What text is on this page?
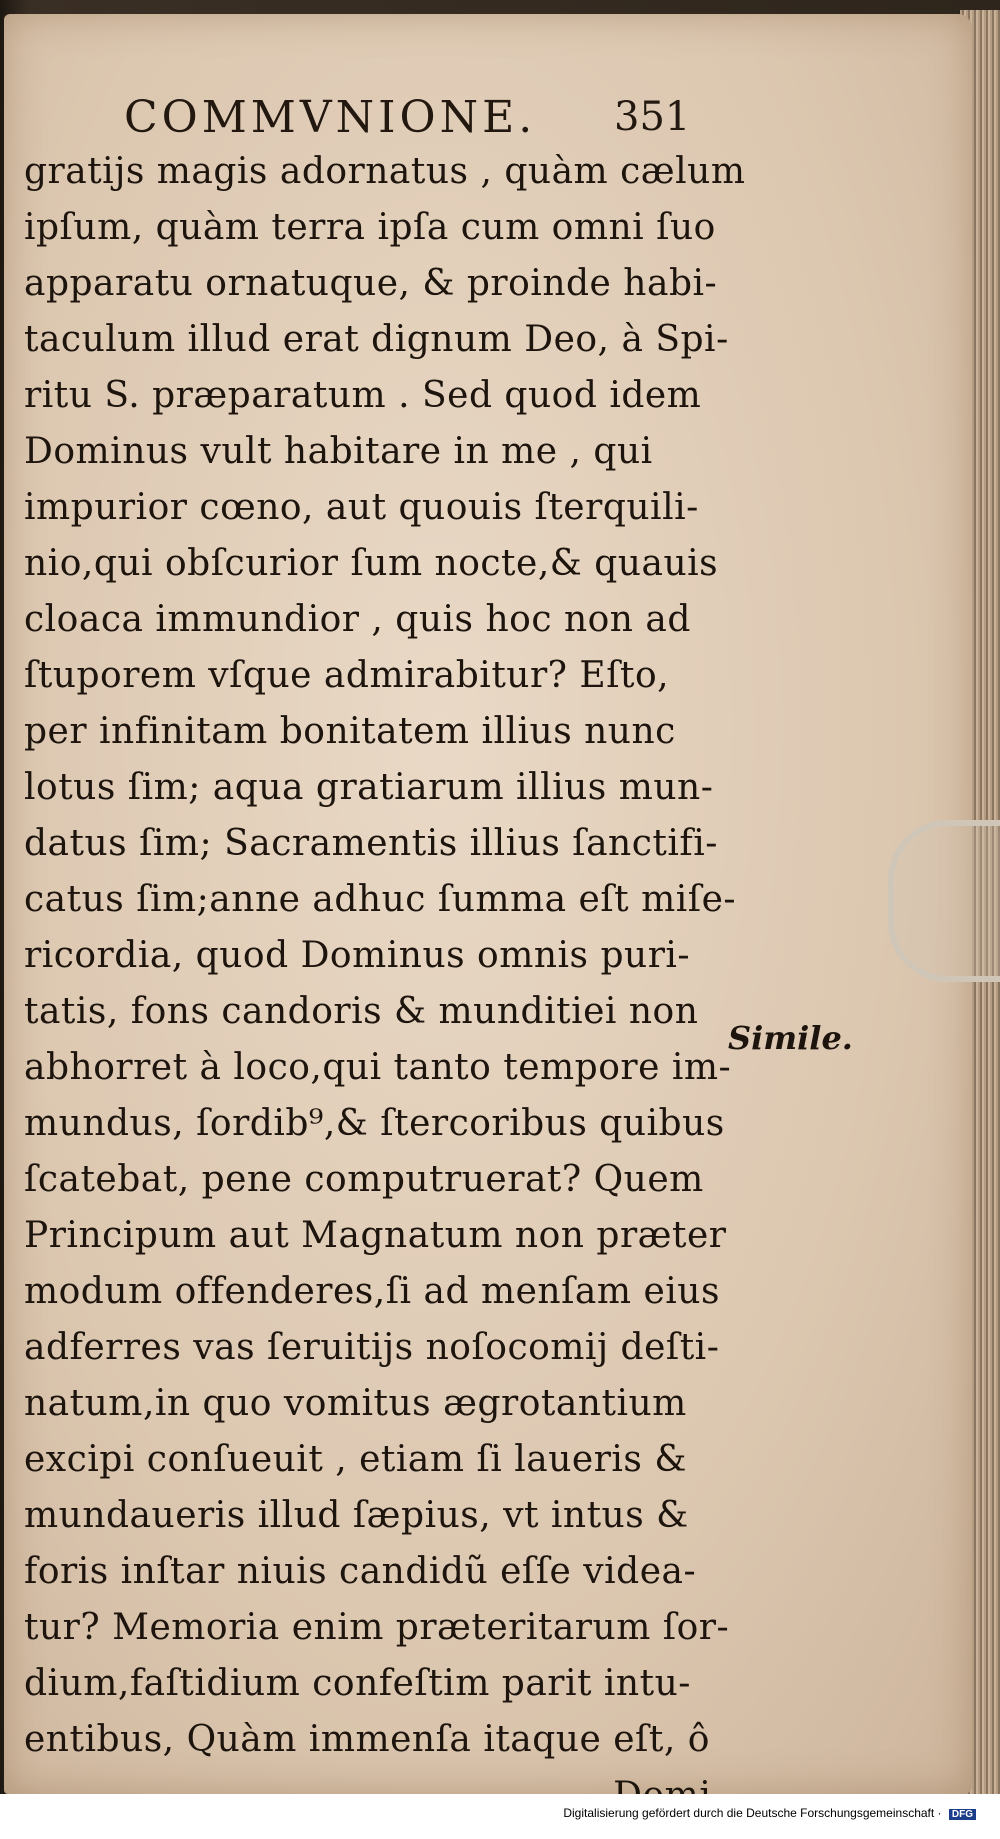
COMMVNIONE. 351
gratijs magis adornatus , quàm cælum
ipſum, quàm terra ipſa cum omni ſuo
apparatu ornatuque, & proinde habi-
taculum illud erat dignum Deo, à Spi-
ritu S. præparatum . Sed quod idem
Dominus vult habitare in me , qui
impurior cœno, aut quouis ſterquili-
nio,qui obſcurior ſum nocte,& quauis
cloaca immundior , quis hoc non ad
ſtuporem vſque admirabitur? Eſto,
per infinitam bonitatem illius nunc
lotus ſim; aqua gratiarum illius mun-
datus ſim; Sacramentis illius ſanctifi-
catus ſim;anne adhuc ſumma eſt miſe-
ricordia, quod Dominus omnis puri-
tatis, fons candoris & munditiei non
abhorret à loco,qui tanto tempore im-
mundus, ſordib⁹,& ſtercoribus quibus
ſcatebat, pene computruerat? Quem
Principum aut Magnatum non præter
modum offenderes,ſi ad menſam eius
adferres vas ſeruitijs noſocomij deſti-
natum,in quo vomitus ægrotantium
excipi conſueuit , etiam ſi laueris &
mundaueris illud ſæpius, vt intus &
foris inſtar niuis candidũ eſſe videa-
tur? Memoria enim præteritarum ſor-
dium,faſtidium confeſtim parit intu-
entibus, Quàm immenſa itaque eſt, ô
Simile.
Digitalisierung gefördert durch die Deutsche Forschungsgemeinschaft · DFG
